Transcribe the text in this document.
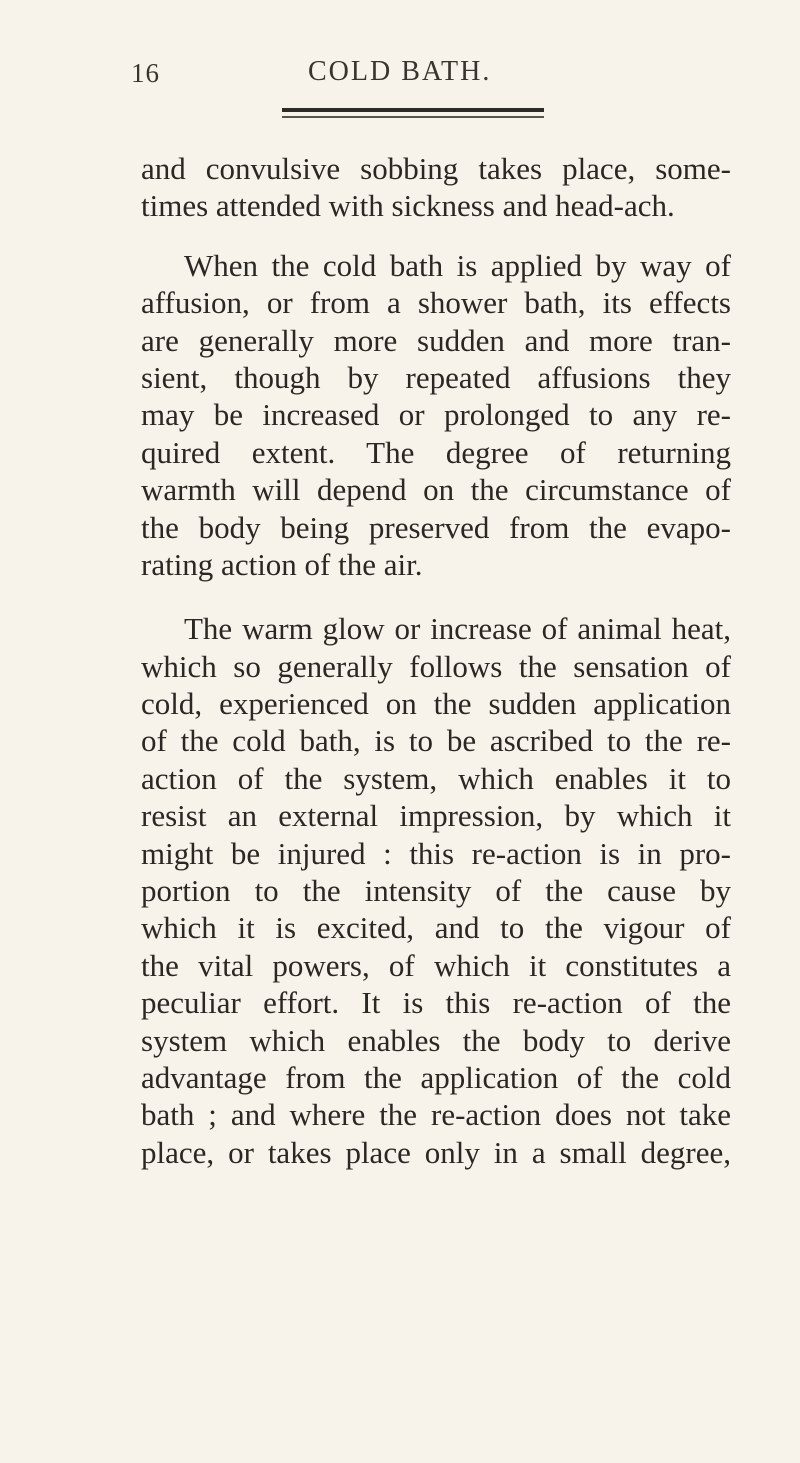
16	COLD BATH.
and convulsive sobbing takes place, some-
times attended with sickness and head-ach.
When the cold bath is applied by way of
affusion, or from a shower bath, its effects
are generally more sudden and more tran-
sient, though by repeated affusions they
may be increased or prolonged to any re-
quired extent. The degree of returning
warmth will depend on the circumstance of
the body being preserved from the evapo-
rating action of the air.
The warm glow or increase of animal heat,
which so generally follows the sensation of
cold, experienced on the sudden application
of the cold bath, is to be ascribed to the re-
action of the system, which enables it to
resist an external impression, by which it
might be injured : this re-action is in pro-
portion to the intensity of the cause by
which it is excited, and to the vigour of
the vital powers, of which it constitutes a
peculiar effort. It is this re-action of the
system which enables the body to derive
advantage from the application of the cold
bath ; and where the re-action does not take
place, or takes place only in a small degree,
